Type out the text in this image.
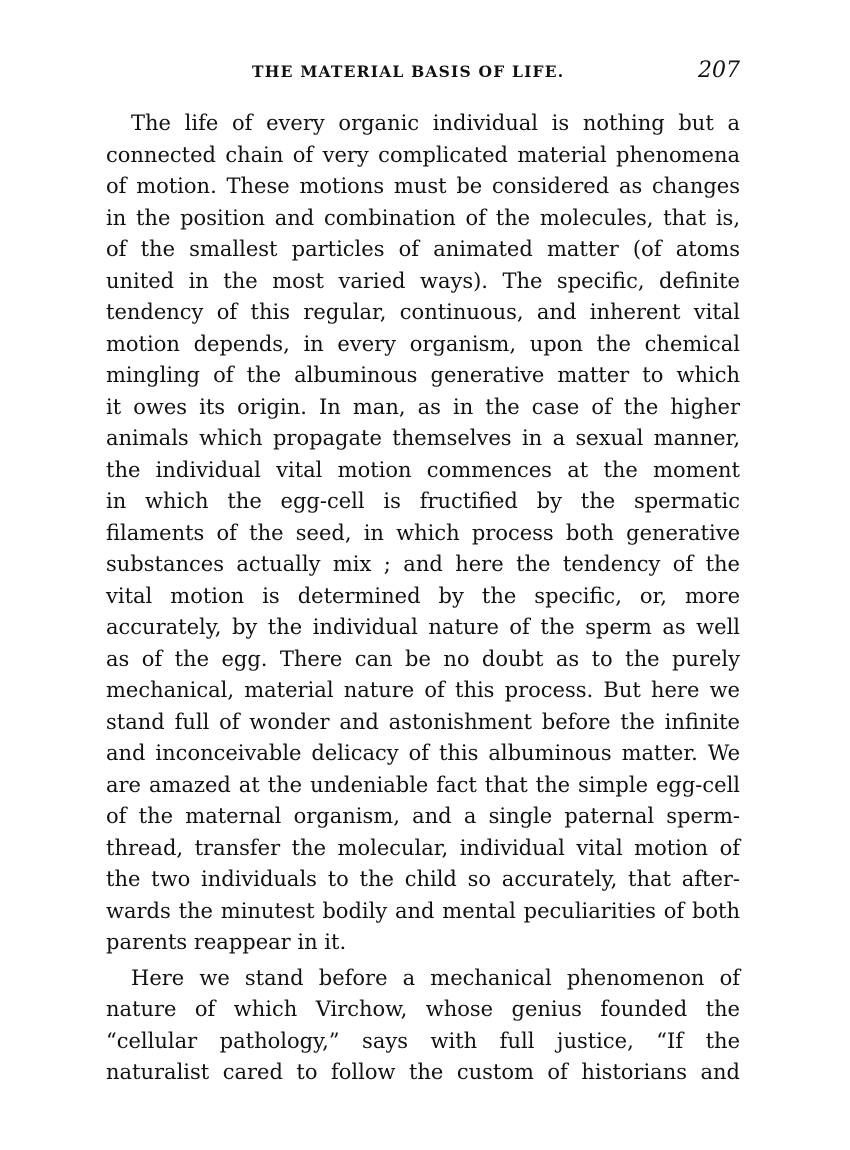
THE MATERIAL BASIS OF LIFE.	207
The life of every organic individual is nothing but a
connected chain of very complicated material phenomena
of motion. These motions must be considered as changes
in the position and combination of the molecules, that is,
of the smallest particles of animated matter (of atoms
united in the most varied ways). The specific, definite
tendency of this regular, continuous, and inherent vital
motion depends, in every organism, upon the chemical
mingling of the albuminous generative matter to which
it owes its origin. In man, as in the case of the higher
animals which propagate themselves in a sexual manner,
the individual vital motion commences at the moment
in which the egg-cell is fructified by the spermatic
filaments of the seed, in which process both generative
substances actually mix ; and here the tendency of the
vital motion is determined by the specific, or, more
accurately, by the individual nature of the sperm as well
as of the egg. There can be no doubt as to the purely
mechanical, material nature of this process. But here we
stand full of wonder and astonishment before the infinite
and inconceivable delicacy of this albuminous matter. We
are amazed at the undeniable fact that the simple egg-cell
of the maternal organism, and a single paternal sperm-
thread, transfer the molecular, individual vital motion of
the two individuals to the child so accurately, that after-
wards the minutest bodily and mental peculiarities of both
parents reappear in it.
Here we stand before a mechanical phenomenon of
nature of which Virchow, whose genius founded the
“cellular pathology,” says with full justice, “If the
naturalist cared to follow the custom of historians and
